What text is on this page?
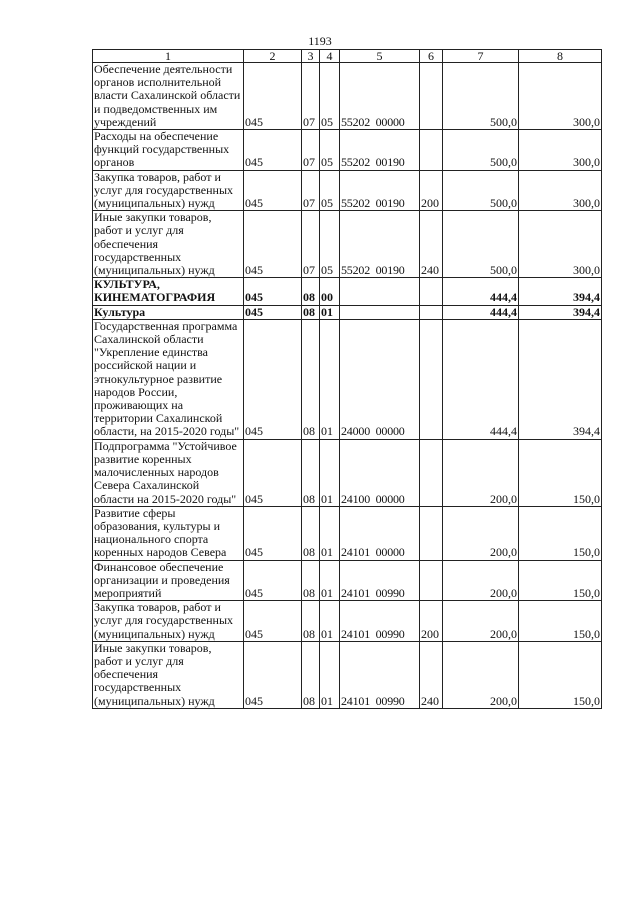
1193
1	2	3	4	5	6	7	8
Обеспечение деятельности органов исполнительной власти Сахалинской области и подведомственных им учреждений	045	07	05	55202  00000		500,0	300,0
Расходы на обеспечение функций государственных органов	045	07	05	55202  00190		500,0	300,0
Закупка товаров, работ и услуг для государственных (муниципальных) нужд	045	07	05	55202  00190	200	500,0	300,0
Иные закупки товаров, работ и услуг для обеспечения государственных (муниципальных) нужд	045	07	05	55202  00190	240	500,0	300,0
КУЛЬТУРА, КИНЕМАТОГРАФИЯ	045	08	00			444,4	394,4
Культура	045	08	01			444,4	394,4
Государственная программа Сахалинской области "Укрепление единства российской нации и этнокультурное развитие народов России, проживающих на территории Сахалинской области, на 2015-2020 годы"	045	08	01	24000  00000		444,4	394,4
Подпрограмма "Устойчивое развитие коренных малочисленных народов Севера Сахалинской области на 2015-2020 годы"	045	08	01	24100  00000		200,0	150,0
Развитие сферы образования, культуры и национального спорта коренных народов Севера	045	08	01	24101  00000		200,0	150,0
Финансовое обеспечение организации и проведения мероприятий	045	08	01	24101  00990		200,0	150,0
Закупка товаров, работ и услуг для государственных (муниципальных) нужд	045	08	01	24101  00990	200	200,0	150,0
Иные закупки товаров, работ и услуг для обеспечения государственных (муниципальных) нужд	045	08	01	24101  00990	240	200,0	150,0
